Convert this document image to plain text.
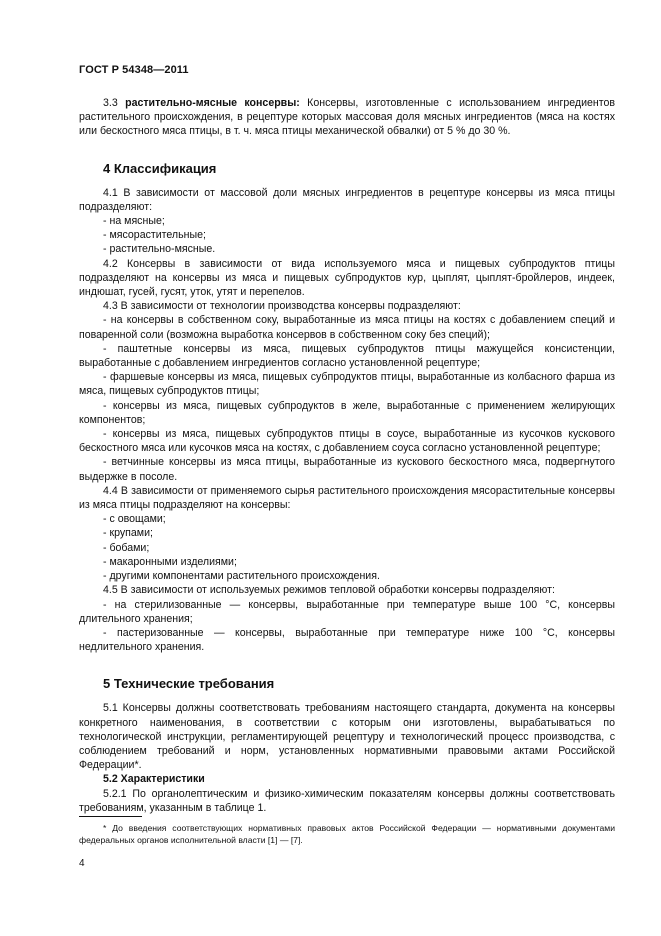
ГОСТ Р 54348—2011

3.3 растительно-мясные консервы: Консервы, изготовленные с использованием ингредиентов растительного происхождения, в рецептуре которых массовая доля мясных ингредиентов (мяса на костях или бескостного мяса птицы, в т. ч. мяса птицы механической обвалки) от 5 % до 30 %.

4 Классификация

4.1 В зависимости от массовой доли мясных ингредиентов в рецептуре консервы из мяса птицы подразделяют:

- на мясные;

- мясорастительные;

- растительно-мясные.

4.2 Консервы в зависимости от вида используемого мяса и пищевых субпродуктов птицы подразделяют на консервы из мяса и пищевых субпродуктов кур, цыплят, цыплят-бройлеров, индеек, индюшат, гусей, гусят, уток, утят и перепелов.

4.3 В зависимости от технологии производства консервы подразделяют:

- на консервы в собственном соку, выработанные из мяса птицы на костях с добавлением специй и поваренной соли (возможна выработка консервов в собственном соку без специй);

- паштетные консервы из мяса, пищевых субпродуктов птицы мажущейся консистенции, выработанные с добавлением ингредиентов согласно установленной рецептуре;

- фаршевые консервы из мяса, пищевых субпродуктов птицы, выработанные из колбасного фарша из мяса, пищевых субпродуктов птицы;

- консервы из мяса, пищевых субпродуктов в желе, выработанные с применением желирующих компонентов;

- консервы из мяса, пищевых субпродуктов птицы в соусе, выработанные из кусочков кускового бескостного мяса или кусочков мяса на костях, с добавлением соуса согласно установленной рецептуре;

- ветчинные консервы из мяса птицы, выработанные из кускового бескостного мяса, подвергнутого выдержке в посоле.

4.4 В зависимости от применяемого сырья растительного происхождения мясорастительные консервы из мяса птицы подразделяют на консервы:

- с овощами;

- крупами;

- бобами;

- макаронными изделиями;

- другими компонентами растительного происхождения.

4.5 В зависимости от используемых режимов тепловой обработки консервы подразделяют:

- на стерилизованные — консервы, выработанные при температуре выше 100 °С, консервы длительного хранения;

- пастеризованные — консервы, выработанные при температуре ниже 100 °С, консервы недлительного хранения.

5 Технические требования

5.1 Консервы должны соответствовать требованиям настоящего стандарта, документа на консервы конкретного наименования, в соответствии с которым они изготовлены, вырабатываться по технологической инструкции, регламентирующей рецептуру и технологический процесс производства, с соблюдением требований и норм, установленных нормативными правовыми актами Российской Федерации*.

5.2 Характеристики

5.2.1 По органолептическим и физико-химическим показателям консервы должны соответствовать требованиям, указанным в таблице 1.

* До введения соответствующих нормативных правовых актов Российской Федерации — нормативными документами федеральных органов исполнительной власти [1] — [7].
4
